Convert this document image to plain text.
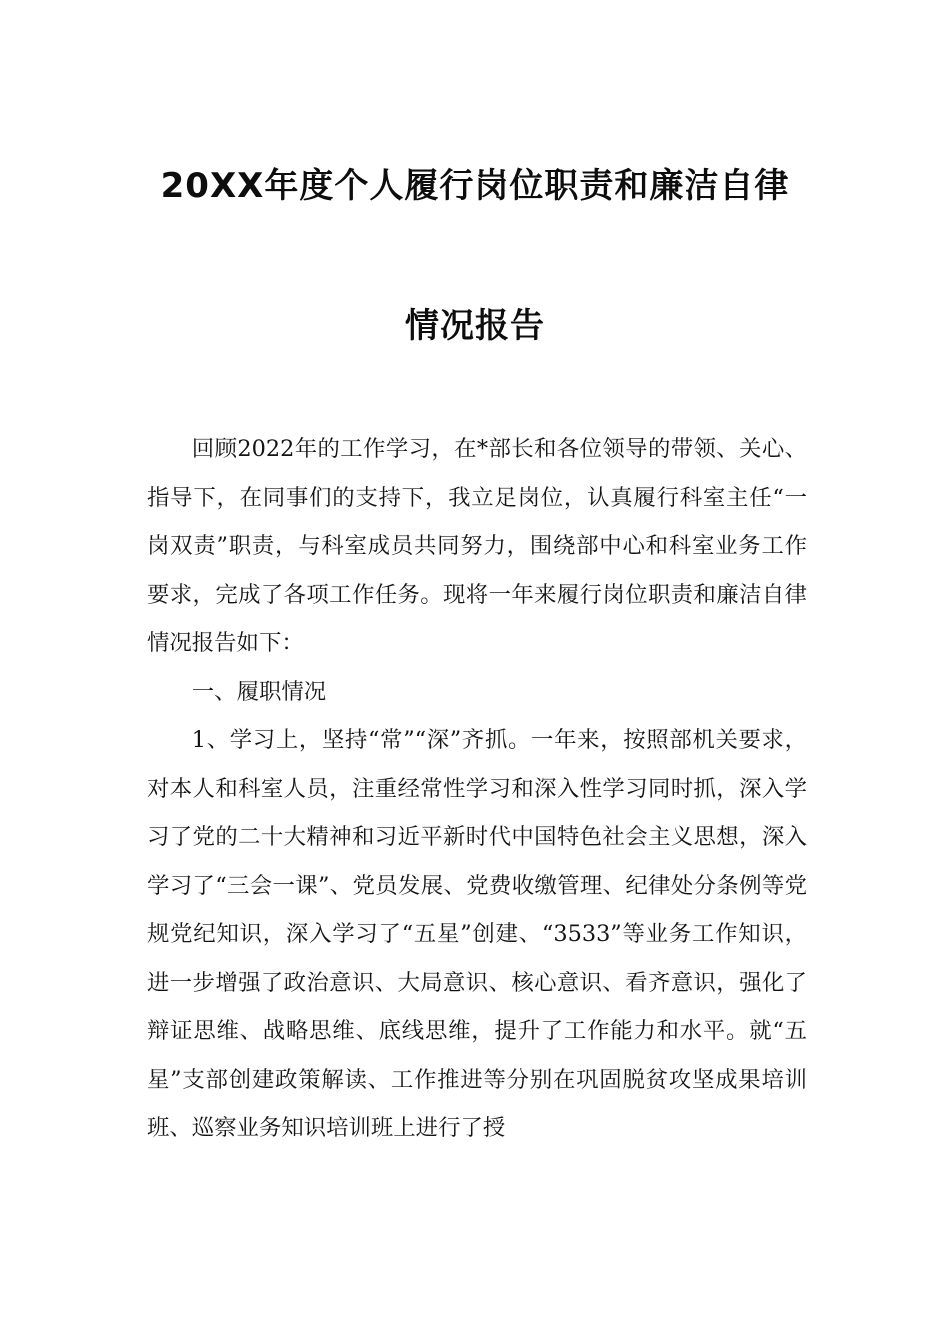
20XX年度个人履行岗位职责和廉洁自律
情况报告

回顾2022年的工作学习，在*部长和各位领导的带领、关心、指导下，在同事们的支持下，我立足岗位，认真履行科室主任“一岗双责”职责，与科室成员共同努力，围绕部中心和科室业务工作要求，完成了各项工作任务。现将一年来履行岗位职责和廉洁自律情况报告如下：

一、履职情况

1、学习上，坚持“常”“深”齐抓。一年来，按照部机关要求，对本人和科室人员，注重经常性学习和深入性学习同时抓，深入学习了党的二十大精神和习近平新时代中国特色社会主义思想，深入学习了“三会一课”、党员发展、党费收缴管理、纪律处分条例等党规党纪知识，深入学习了“五星”创建、“3533”等业务工作知识，进一步增强了政治意识、大局意识、核心意识、看齐意识，强化了辩证思维、战略思维、底线思维，提升了工作能力和水平。就“五星”支部创建政策解读、工作推进等分别在巩固脱贫攻坚成果培训班、巡察业务知识培训班上进行了授
